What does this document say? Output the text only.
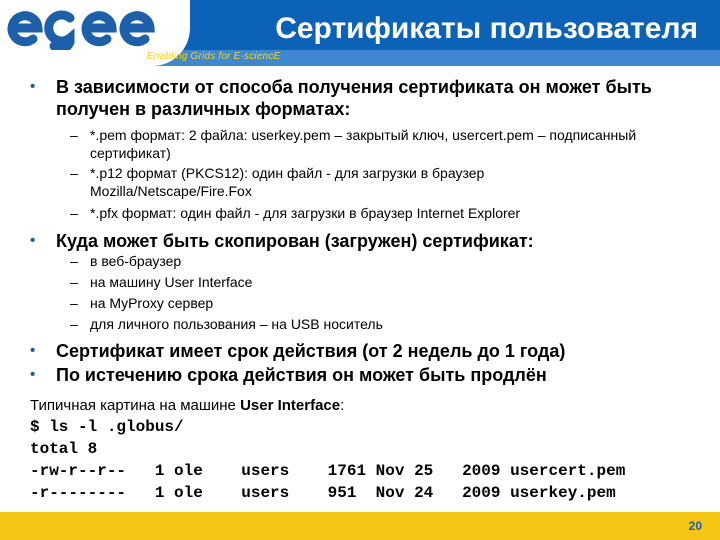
Enabling Grids for E-sciencE
Сертификаты пользователя
• В зависимости от способа получения сертификата он может быть получен в различных форматах:
– *.pem формат: 2 файла: userkey.pem – закрытый ключ, usercert.pem – подписанный сертификат)
– *.p12 формат (PKCS12): один файл - для загрузки в браузер Mozilla/Netscape/Fire.Fox
– *.pfx формат: один файл - для загрузки в браузер Internet Explorer
• Куда может быть скопирован (загружен) сертификат:
– в веб-браузер
– на машину User Interface
– на MyProxy сервер
– для личного пользования – на USB носитель
• Сертификат имеет срок действия (от 2 недель до 1 года)
• По истечению срока действия он может быть продлён
Типичная картина на машине User Interface:
$ ls -l .globus/
total 8
-rw-r--r--   1 ole    users    1761 Nov 25   2009 usercert.pem
-r--------   1 ole    users    951  Nov 24   2009 userkey.pem
20
